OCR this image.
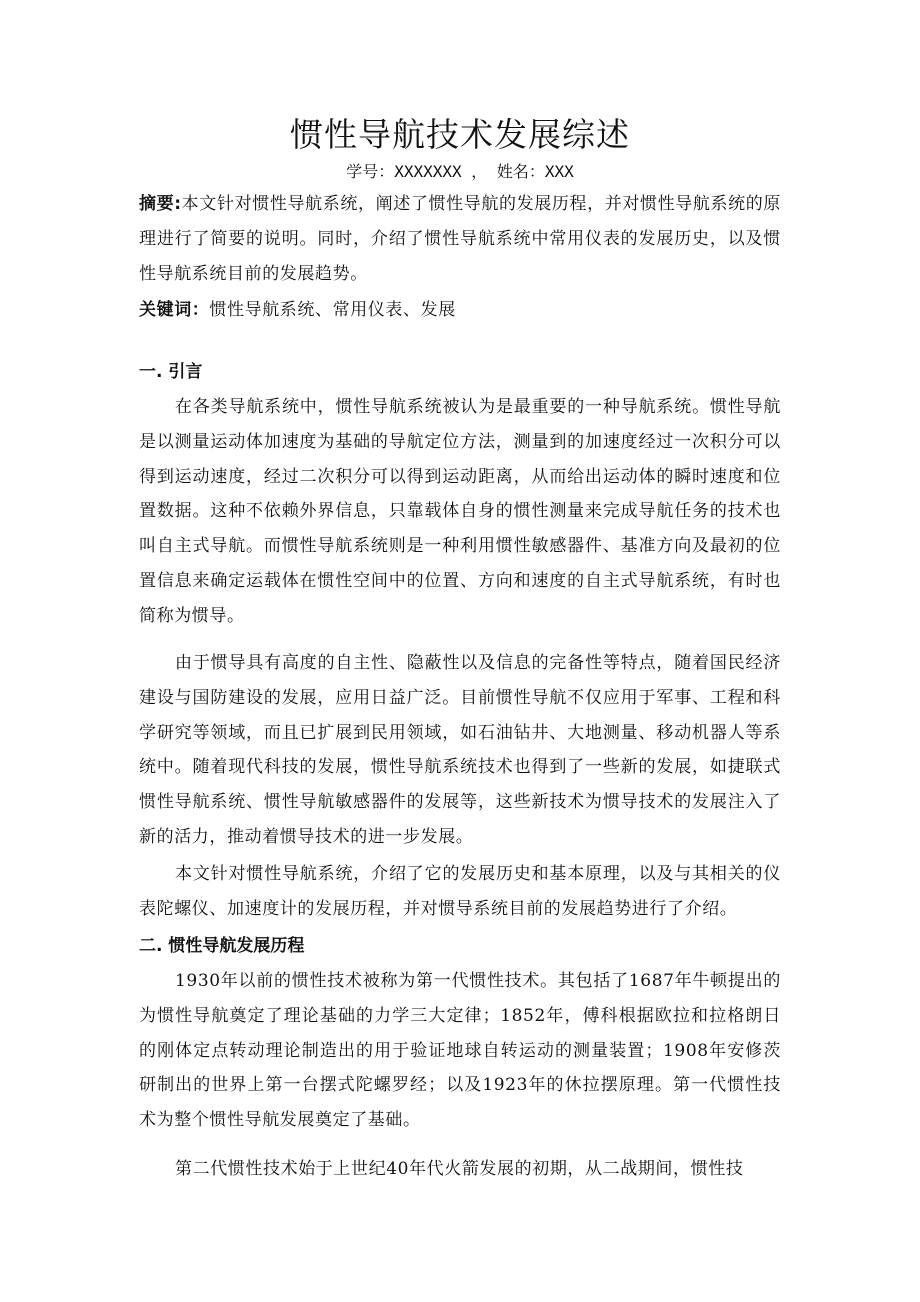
惯性导航技术发展综述
学号：XXXXXXX ， 姓名：XXX

摘要:本文针对惯性导航系统，阐述了惯性导航的发展历程，并对惯性导航系统的原理进行了简要的说明。同时，介绍了惯性导航系统中常用仪表的发展历史，以及惯性导航系统目前的发展趋势。

关键词：惯性导航系统、常用仪表、发展

一. 引言

在各类导航系统中，惯性导航系统被认为是最重要的一种导航系统。惯性导航是以测量运动体加速度为基础的导航定位方法，测量到的加速度经过一次积分可以得到运动速度，经过二次积分可以得到运动距离，从而给出运动体的瞬时速度和位置数据。这种不依赖外界信息，只靠载体自身的惯性测量来完成导航任务的技术也叫自主式导航。而惯性导航系统则是一种利用惯性敏感器件、基准方向及最初的位置信息来确定运载体在惯性空间中的位置、方向和速度的自主式导航系统，有时也简称为惯导。

由于惯导具有高度的自主性、隐蔽性以及信息的完备性等特点，随着国民经济建设与国防建设的发展，应用日益广泛。目前惯性导航不仅应用于军事、工程和科学研究等领域，而且已扩展到民用领域，如石油钻井、大地测量、移动机器人等系统中。随着现代科技的发展，惯性导航系统技术也得到了一些新的发展，如捷联式惯性导航系统、惯性导航敏感器件的发展等，这些新技术为惯导技术的发展注入了新的活力，推动着惯导技术的进一步发展。

本文针对惯性导航系统，介绍了它的发展历史和基本原理，以及与其相关的仪表陀螺仪、加速度计的发展历程，并对惯导系统目前的发展趋势进行了介绍。

二. 惯性导航发展历程

1930年以前的惯性技术被称为第一代惯性技术。其包括了1687年牛顿提出的为惯性导航奠定了理论基础的力学三大定律；1852年，傅科根据欧拉和拉格朗日的刚体定点转动理论制造出的用于验证地球自转运动的测量装置；1908年安修茨研制出的世界上第一台摆式陀螺罗经；以及1923年的休拉摆原理。第一代惯性技术为整个惯性导航发展奠定了基础。

第二代惯性技术始于上世纪40年代火箭发展的初期，从二战期间，惯性技
